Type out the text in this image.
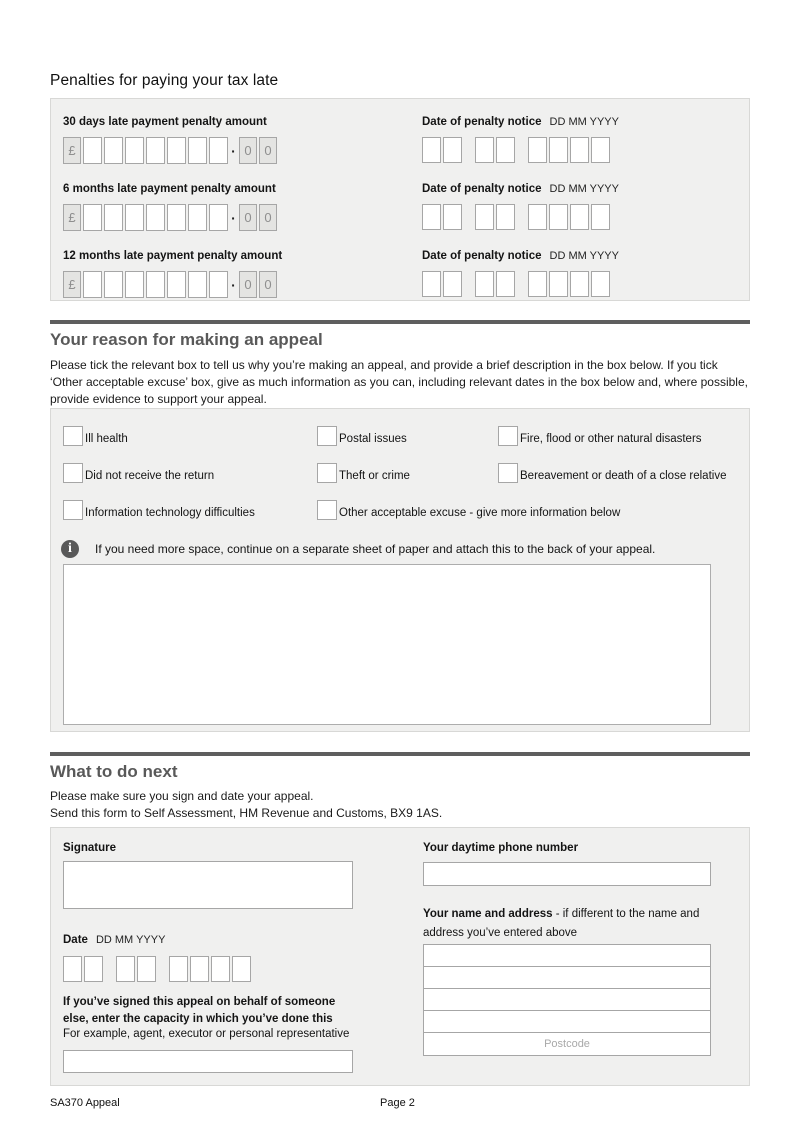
Penalties for paying your tax late
30 days late payment penalty amount
£	· 0 0
Date of penalty notice DD MM YYYY
6 months late payment penalty amount
£	· 0 0
Date of penalty notice DD MM YYYY
12 months late payment penalty amount
£	· 0 0
Date of penalty notice DD MM YYYY
Your reason for making an appeal
Please tick the relevant box to tell us why you’re making an appeal, and provide a brief description in the box below. If you tick ‘Other acceptable excuse’ box, give as much information as you can, including relevant dates in the box below and, where possible, provide evidence to support your appeal.
Ill health	Postal issues	Fire, flood or other natural disasters
Did not receive the return	Theft or crime	Bereavement or death of a close relative
Information technology difficulties	Other acceptable excuse - give more information below
i	If you need more space, continue on a separate sheet of paper and attach this to the back of your appeal.
What to do next
Please make sure you sign and date your appeal.
Send this form to Self Assessment, HM Revenue and Customs, BX9 1AS.
Signature
Date DD MM YYYY
If you’ve signed this appeal on behalf of someone else, enter the capacity in which you’ve done this
For example, agent, executor or personal representative
Your daytime phone number
Your name and address - if different to the name and address you’ve entered above
Postcode
SA370 Appeal	Page 2
